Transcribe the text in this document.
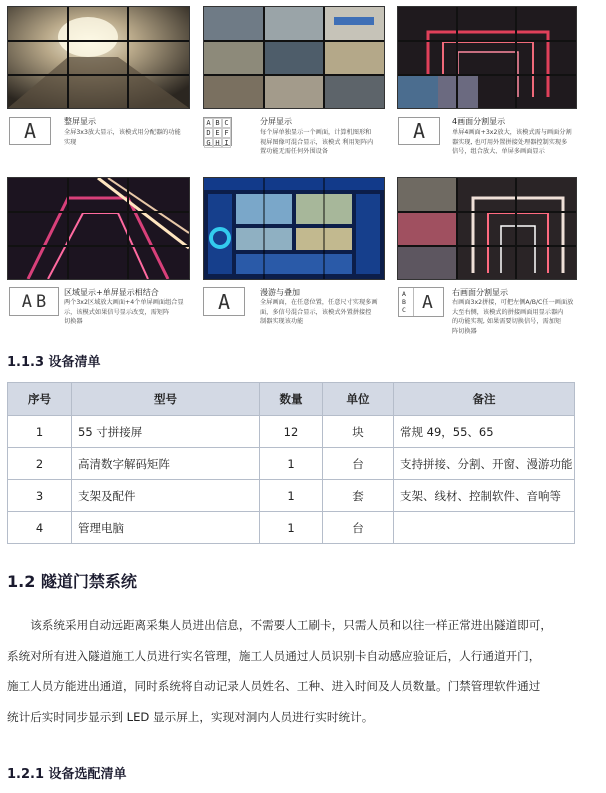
A	整屏显示
全屏3x3放大显示，该模式用分配器的功能
实现
A B C
D E F
G H I
分屏显示
每个屏单独显示一个画面，计算机图形和
视屏图像可混合显示，该模式 利用矩阵内
置功能无需任何外围设备
A	4画面分割显示
单屏4画面+3x2放大，该模式需与画面分割
器实现, 也可用外置拼接处理器控制实现多
信号，组合放大、单屏多画面显示
A B 区域显示+单屏显示相结合
两个3x2区域放大画面+4个单屏画面组合显
示，该模式如果信号显示改变，需矩阵
切换器
A	漫游与叠加
全屏画面，在任意位置，任意尺寸实现多画
面，多信号混合显示，该模式外置拼接控
制器实现该功能
A
B
C A 右画面分割显示
右画面3x2拼接，可把左侧A/B/C任一画面放
大至右侧，该模式的拼接画面用显示器内
的功能实现, 如果需要切换信号，需加矩
阵切换器
1.1.3 设备清单
序号	型号	数量	单位	备注
1	55 寸拼接屏	12	块	常规 49，55、65
2	高清数字解码矩阵	1	台	支持拼接、分割、开窗、漫游功能
3	支架及配件	1	套	支架、线材、控制软件、音响等
4	管理电脑	1	台	
1.2 隧道门禁系统
　　该系统采用自动远距离采集人员进出信息，不需要人工刷卡，只需人员和以往一样正常进出隧道即可，
系统对所有进入隧道施工人员进行实名管理，施工人员通过人员识别卡自动感应验证后，人行通道开门，
施工人员方能进出通道，同时系统将自动记录人员姓名、工种、进入时间及人员数量。门禁管理软件通过
统计后实时同步显示到 LED 显示屏上，实现对洞内人员进行实时统计。
1.2.1 设备选配清单
